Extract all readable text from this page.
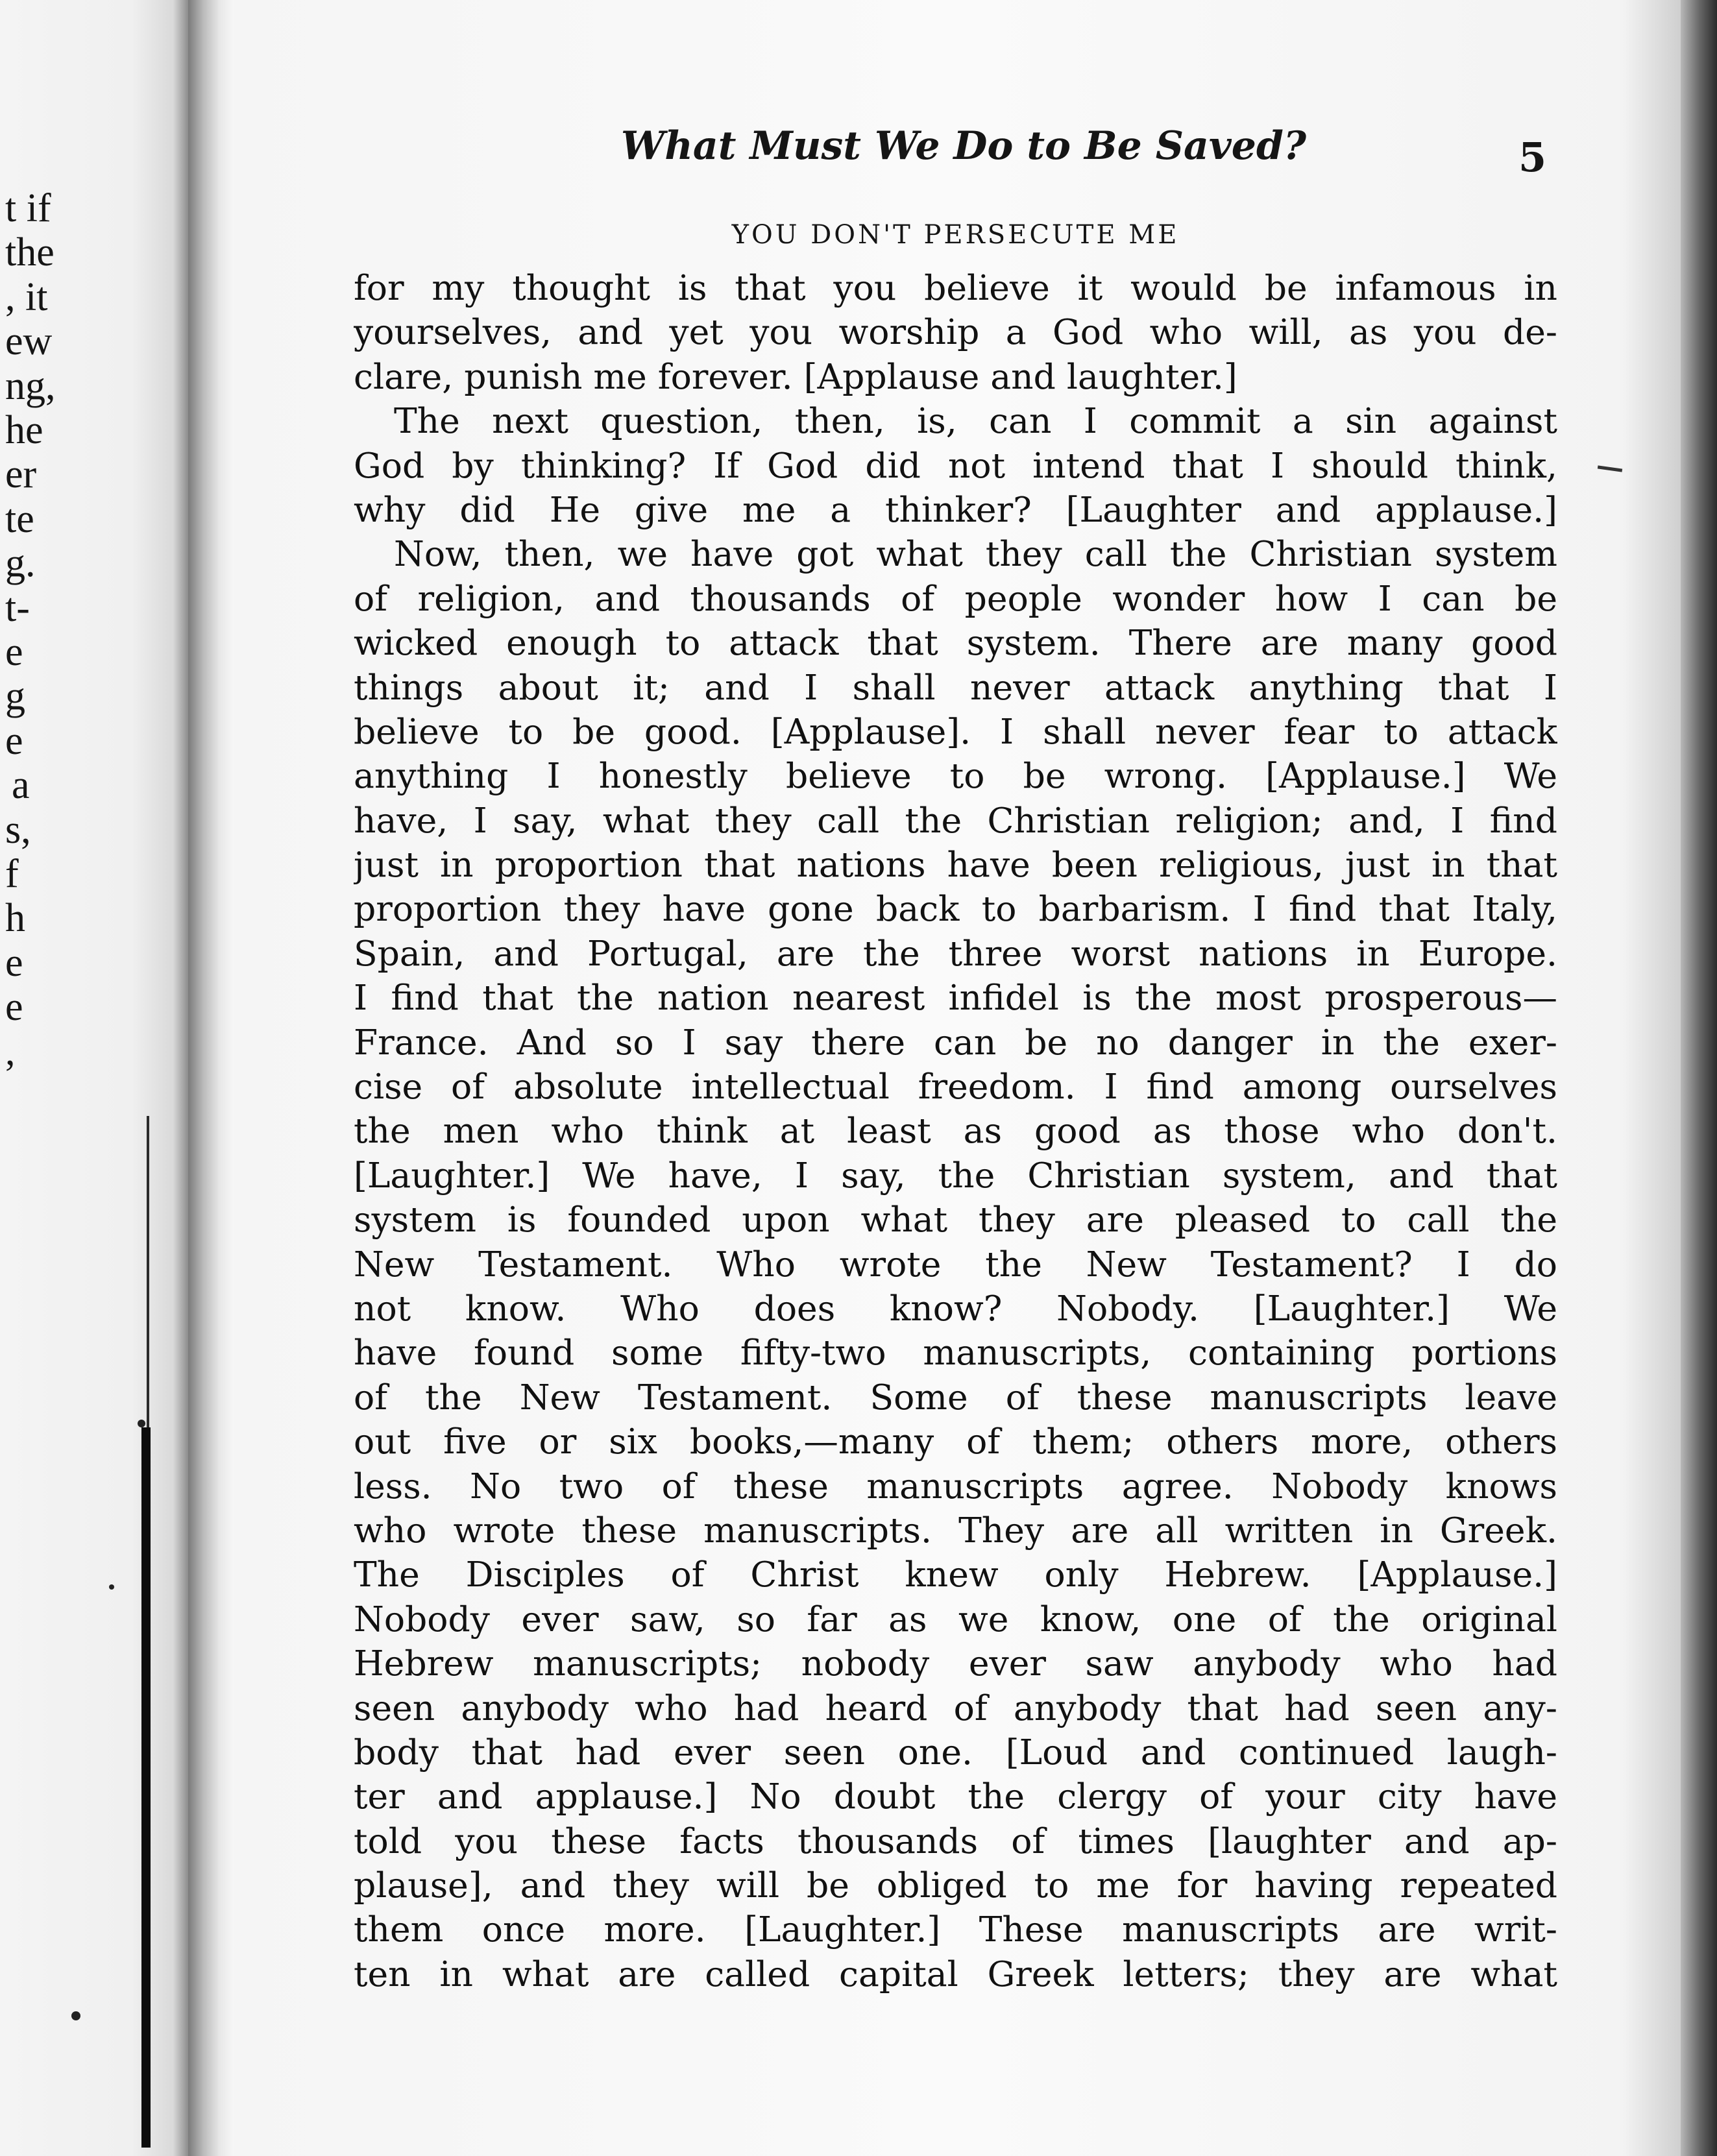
t if
the
, it
ew
ng,
he
er
te
g.
t-
e
g
e
a
s,
f
h
e
e
,
What Must We Do to Be Saved?	5
YOU DON'T PERSECUTE ME
for my thought is that you believe it would be infamous in
yourselves, and yet you worship a God who will, as you de-
clare, punish me forever. [Applause and laughter.]
The next question, then, is, can I commit a sin against
God by thinking? If God did not intend that I should think,
why did He give me a thinker? [Laughter and applause.]
Now, then, we have got what they call the Christian system
of religion, and thousands of people wonder how I can be
wicked enough to attack that system. There are many good
things about it; and I shall never attack anything that I
believe to be good. [Applause]. I shall never fear to attack
anything I honestly believe to be wrong. [Applause.] We
have, I say, what they call the Christian religion; and, I find
just in proportion that nations have been religious, just in that
proportion they have gone back to barbarism. I find that Italy,
Spain, and Portugal, are the three worst nations in Europe.
I find that the nation nearest infidel is the most prosperous—
France. And so I say there can be no danger in the exer-
cise of absolute intellectual freedom. I find among ourselves
the men who think at least as good as those who don't.
[Laughter.] We have, I say, the Christian system, and that
system is founded upon what they are pleased to call the
New Testament. Who wrote the New Testament? I do
not know. Who does know? Nobody. [Laughter.] We
have found some fifty-two manuscripts, containing portions
of the New Testament. Some of these manuscripts leave
out five or six books,—many of them; others more, others
less. No two of these manuscripts agree. Nobody knows
who wrote these manuscripts. They are all written in Greek.
The Disciples of Christ knew only Hebrew. [Applause.]
Nobody ever saw, so far as we know, one of the original
Hebrew manuscripts; nobody ever saw anybody who had
seen anybody who had heard of anybody that had seen any-
body that had ever seen one. [Loud and continued laugh-
ter and applause.] No doubt the clergy of your city have
told you these facts thousands of times [laughter and ap-
plause], and they will be obliged to me for having repeated
them once more. [Laughter.] These manuscripts are writ-
ten in what are called capital Greek letters; they are what
